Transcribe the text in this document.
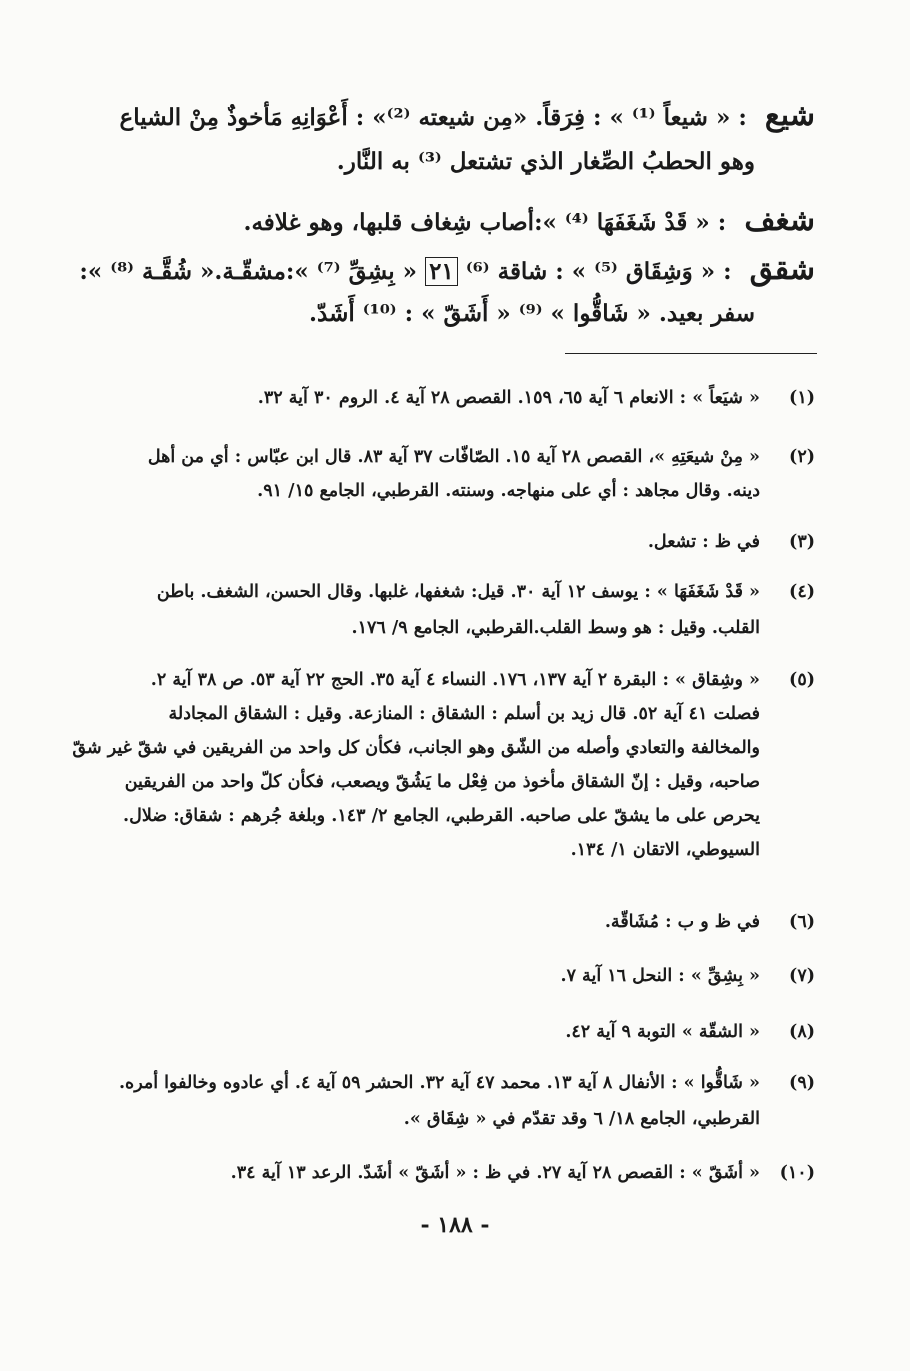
شيع : « شيعاً ⁽¹⁾ » : فِرَقاً. «مِن شيعته ⁽²⁾» : أَعْوَانِهِ مَأخوذٌ مِنْ الشياع
وهو الحطبُ الصِّغار الذي تشتعل ⁽³⁾ به النَّار.
شغف : « قَدْ شَغَفَهَا ⁽⁴⁾ »:أصاب شِغاف قلبها، وهو غلافه.
شقق : « وَشِقَاق ⁽⁵⁾ » : شاقة ⁽⁶⁾ ٢١ « بِشِقِّ ⁽⁷⁾ »:مشقّـة.« شُقَّـة ⁽⁸⁾ »:
سفر بعيد. « شَاقُّوا » ⁽⁹⁾ « أَشَقّ » : ⁽¹⁰⁾ أَشَدّ.
(١)
« شيَعاً » : الانعام ٦ آية ٦٥، ١٥٩. القصص ٢٨ آية ٤. الروم ٣٠ آية ٣٢.
(٢)
« مِنْ شيعَتِهِ »، القصص ٢٨ آية ١٥. الصّافّات ٣٧ آية ٨٣. قال ابن عبّاس : أي من أهل
دينه. وقال مجاهد : أي على منهاجه. وسنته. القرطبي، الجامع ١٥/ ٩١.
(٣)
في ظ : تشعل.
(٤)
« قَدْ شَغَفَهَا » : يوسف ١٢ آية ٣٠. قيل: شغفها، غلبها. وقال الحسن، الشغف. باطن
القلب. وقيل : هو وسط القلب.القرطبي، الجامع ٩/ ١٧٦.
(٥)
« وشِقاق » : البقرة ٢ آية ١٣٧، ١٧٦. النساء ٤ آية ٣٥. الحج ٢٢ آية ٥٣. ص ٣٨ آية ٢.
فصلت ٤١ آية ٥٢. قال زيد بن أسلم : الشقاق : المنازعة. وقيل : الشقاق المجادلة
والمخالفة والتعادي وأصله من الشّق وهو الجانب، فكأن كل واحد من الفريقين في شقّ غير شقّ
صاحبه، وقيل : إنّ الشقاق مأخوذ من فِعْل ما يَشُقّ ويصعب، فكأن كلّ واحد من الفريقين
يحرص على ما يشقّ على صاحبه. القرطبي، الجامع ٢/ ١٤٣. وبلغة جُرهم : شقاق: ضلال.
السيوطي، الاتقان ١/ ١٣٤.
(٦)
في ظ و ب : مُشَاقّة.
(٧)
« بِشِقِّ » : النحل ١٦ آية ٧.
(٨)
« الشقّة » التوبة ٩ آية ٤٢.
(٩)
« شَاقُّوا » : الأنفال ٨ آية ١٣. محمد ٤٧ آية ٣٢. الحشر ٥٩ آية ٤. أي عادوه وخالفوا أمره.
القرطبي، الجامع ١٨/ ٦ وقد تقدّم في « شِقَاق ».
(١٠)
« أشَقّ » : القصص ٢٨ آية ٢٧. في ظ : « أشَقّ » أشَدّ. الرعد ١٣ آية ٣٤.
- ١٨٨ -
